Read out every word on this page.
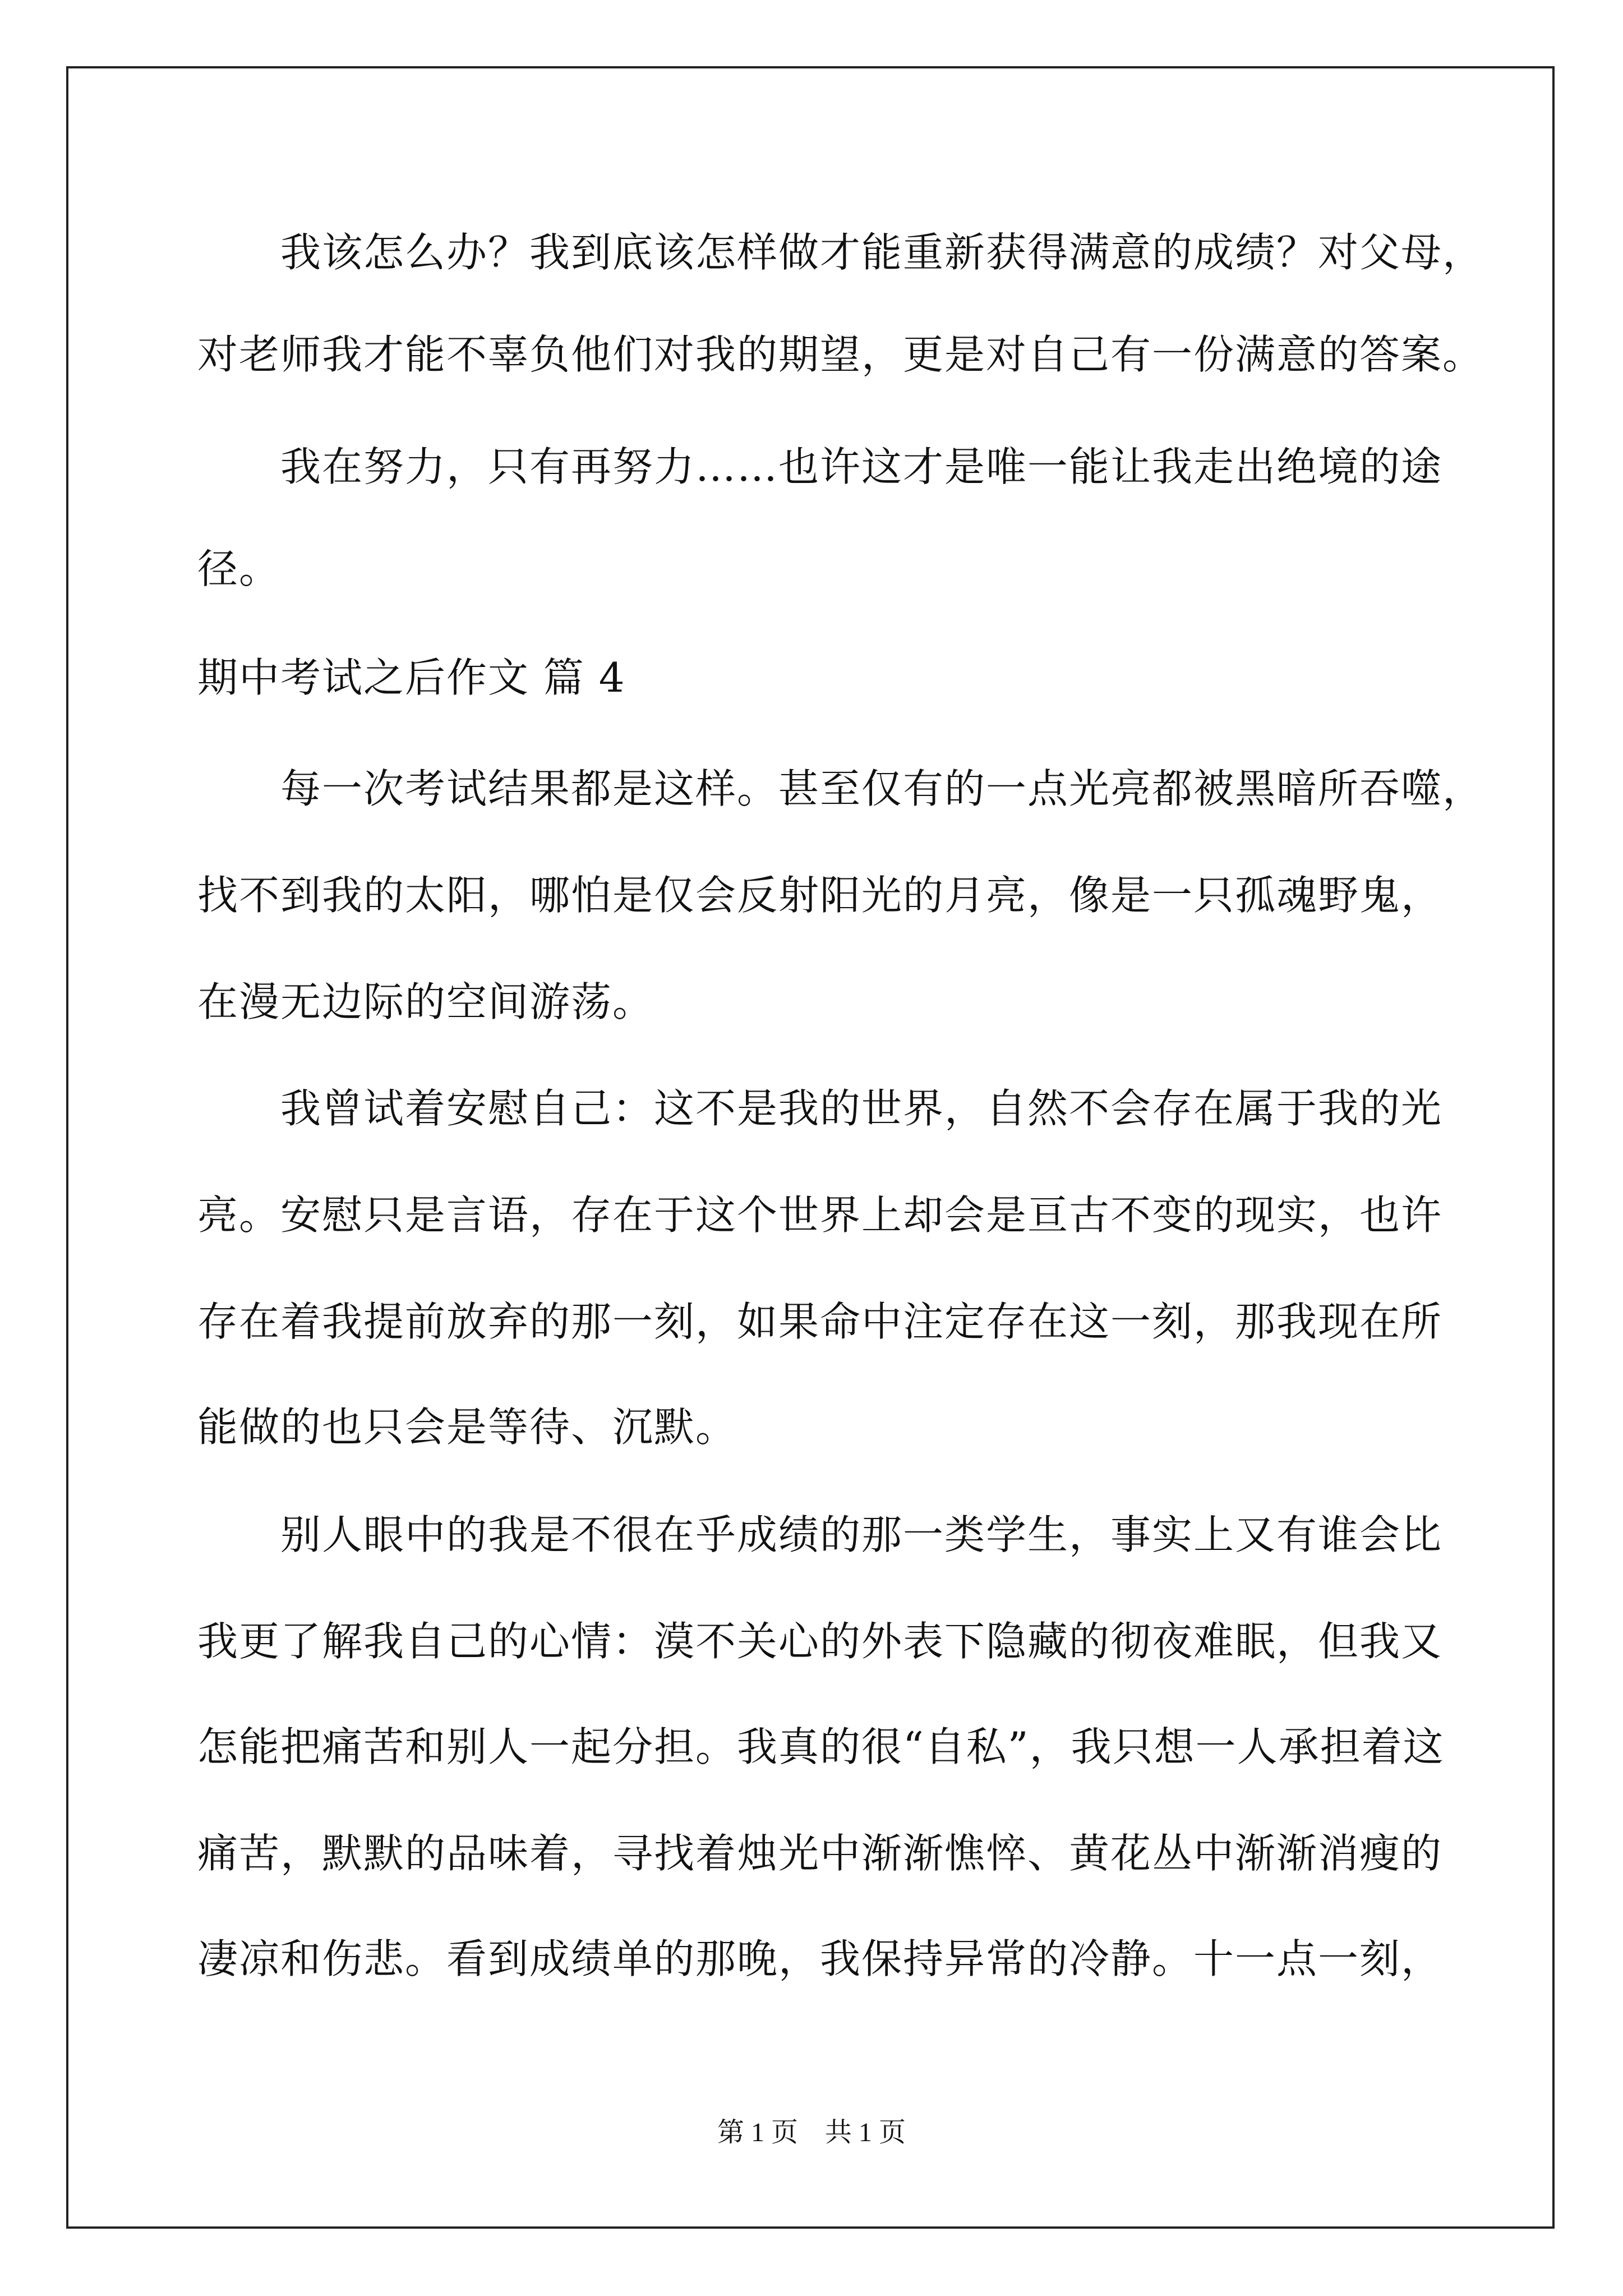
我该怎么办？我到底该怎样做才能重新获得满意的成绩？对父母，
对老师我才能不辜负他们对我的期望，更是对自己有一份满意的答案。
我在努力，只有再努力……也许这才是唯一能让我走出绝境的途
径。
期中考试之后作文 篇 4
每一次考试结果都是这样。甚至仅有的一点光亮都被黑暗所吞噬，
找不到我的太阳，哪怕是仅会反射阳光的月亮，像是一只孤魂野鬼，
在漫无边际的空间游荡。
我曾试着安慰自己：这不是我的世界，自然不会存在属于我的光
亮。安慰只是言语，存在于这个世界上却会是亘古不变的现实，也许
存在着我提前放弃的那一刻，如果命中注定存在这一刻，那我现在所
能做的也只会是等待、沉默。
别人眼中的我是不很在乎成绩的那一类学生，事实上又有谁会比
我更了解我自己的心情：漠不关心的外表下隐藏的彻夜难眠，但我又
怎能把痛苦和别人一起分担。我真的很“自私”，我只想一人承担着这
痛苦，默默的品味着，寻找着烛光中渐渐憔悴、黄花丛中渐渐消瘦的
凄凉和伤悲。看到成绩单的那晚，我保持异常的冷静。十一点一刻，
第 1 页　共 1 页
